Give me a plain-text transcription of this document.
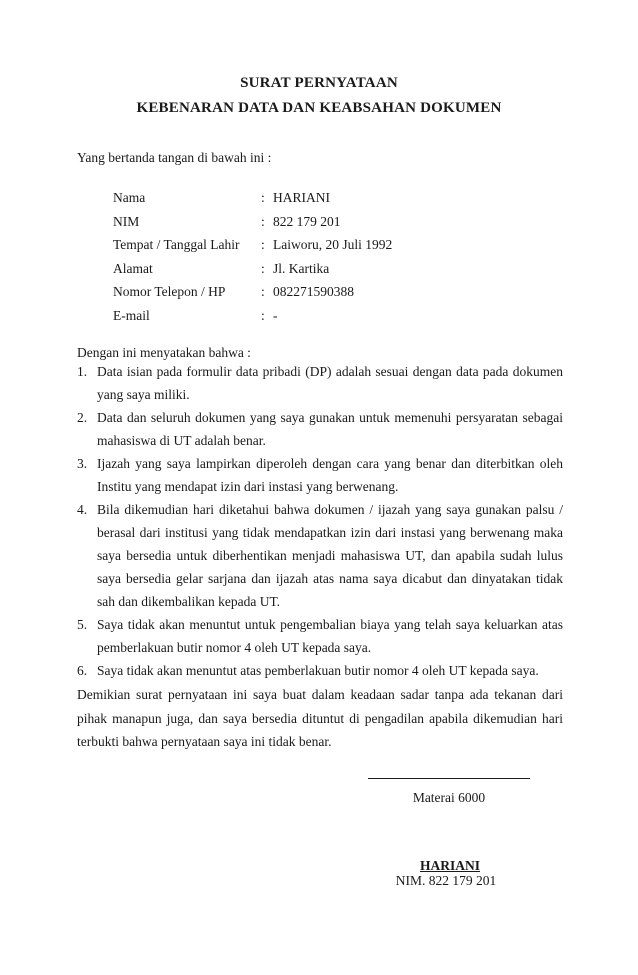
SURAT PERNYATAAN
KEBENARAN DATA DAN KEABSAHAN DOKUMEN
Yang bertanda tangan di bawah ini :
Nama	: HARIANI
NIM	: 822 179 201
Tempat / Tanggal Lahir	: Laiworu, 20 Juli 1992
Alamat	: Jl. Kartika
Nomor Telepon / HP	: 082271590388
E-mail	: -
Dengan ini menyatakan bahwa :
1. Data isian pada formulir data pribadi (DP) adalah sesuai dengan data pada dokumen yang saya miliki.
2. Data dan seluruh dokumen yang saya gunakan untuk memenuhi persyaratan sebagai mahasiswa di UT adalah benar.
3. Ijazah yang saya lampirkan diperoleh dengan cara yang benar dan diterbitkan oleh Institu yang mendapat izin dari instasi yang berwenang.
4. Bila dikemudian hari diketahui bahwa dokumen / ijazah yang saya gunakan palsu / berasal dari institusi yang tidak mendapatkan izin dari instasi yang berwenang maka saya bersedia untuk diberhentikan menjadi mahasiswa UT, dan apabila sudah lulus saya bersedia gelar sarjana dan ijazah atas nama saya dicabut dan dinyatakan tidak sah dan dikembalikan kepada UT.
5. Saya tidak akan menuntut untuk pengembalian biaya yang telah saya keluarkan atas pemberlakuan butir nomor 4 oleh UT kepada saya.
6. Saya tidak akan menuntut atas pemberlakuan butir nomor 4 oleh UT kepada saya.
Demikian surat pernyataan ini saya buat dalam keadaan sadar tanpa ada tekanan dari pihak manapun juga, dan saya bersedia dituntut di pengadilan apabila dikemudian hari terbukti bahwa pernyataan saya ini tidak benar.
Materai 6000
HARIANI
NIM. 822 179 201
